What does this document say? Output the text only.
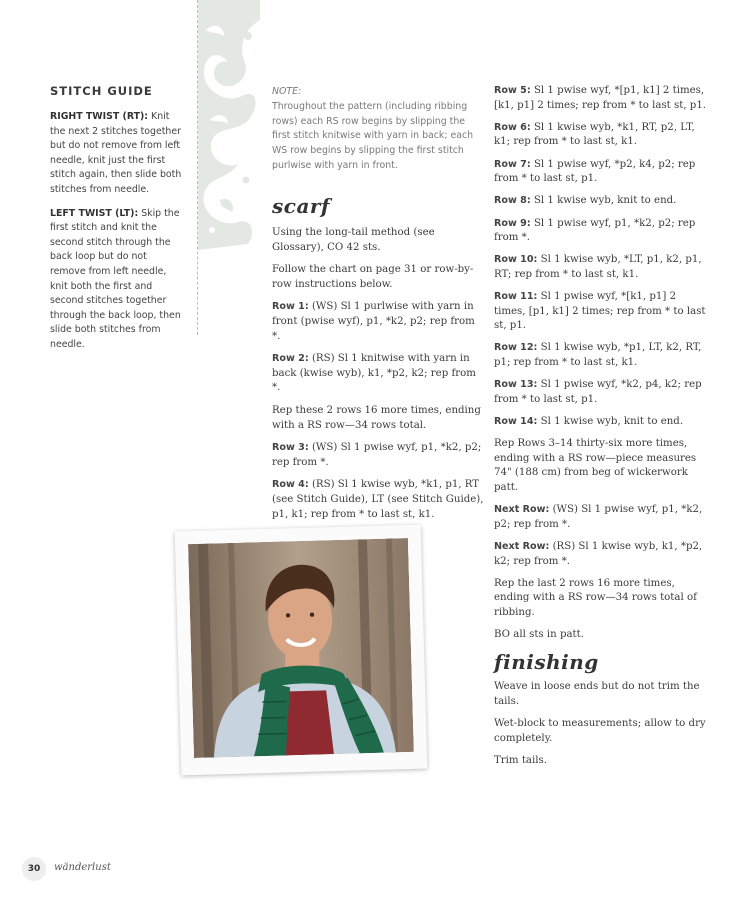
STITCH GUIDE

RIGHT TWIST (RT): Knit the next 2 stitches together but do not remove from left needle, knit just the first stitch again, then slide both stitches from needle.

LEFT TWIST (LT): Skip the first stitch and knit the second stitch through the back loop but do not remove from left needle, knit both the first and second stitches together through the back loop, then slide both stitches from needle.

NOTE:
Throughout the pattern (including ribbing rows) each RS row begins by slipping the first stitch knitwise with yarn in back; each WS row begins by slipping the first stitch purlwise with yarn in front.
scarf

Using the long-tail method (see Glossary), CO 42 sts.

Follow the chart on page 31 or row-by-row instructions below.

Row 1: (WS) Sl 1 purlwise with yarn in front (pwise wyf), p1, *k2, p2; rep from *.

Row 2: (RS) Sl 1 knitwise with yarn in back (kwise wyb), k1, *p2, k2; rep from *.

Rep these 2 rows 16 more times, ending with a RS row—34 rows total.

Row 3: (WS) Sl 1 pwise wyf, p1, *k2, p2; rep from *.

Row 4: (RS) Sl 1 kwise wyb, *k1, p1, RT (see Stitch Guide), LT (see Stitch Guide), p1, k1; rep from * to last st, k1.

Row 5: Sl 1 pwise wyf, *[p1, k1] 2 times, [k1, p1] 2 times; rep from * to last st, p1.

Row 6: Sl 1 kwise wyb, *k1, RT, p2, LT, k1; rep from * to last st, k1.

Row 7: Sl 1 pwise wyf, *p2, k4, p2; rep from * to last st, p1.

Row 8: Sl 1 kwise wyb, knit to end.

Row 9: Sl 1 pwise wyf, p1, *k2, p2; rep from *.

Row 10: Sl 1 kwise wyb, *LT, p1, k2, p1, RT; rep from * to last st, k1.

Row 11: Sl 1 pwise wyf, *[k1, p1] 2 times, [p1, k1] 2 times; rep from * to last st, p1.

Row 12: Sl 1 kwise wyb, *p1, LT, k2, RT, p1; rep from * to last st, k1.

Row 13: Sl 1 pwise wyf, *k2, p4, k2; rep from * to last st, p1.

Row 14: Sl 1 kwise wyb, knit to end.

Rep Rows 3–14 thirty-six more times, ending with a RS row—piece measures 74" (188 cm) from beg of wickerwork patt.

Next Row: (WS) Sl 1 pwise wyf, p1, *k2, p2; rep from *.

Next Row: (RS) Sl 1 kwise wyb, k1, *p2, k2; rep from *.

Rep the last 2 rows 16 more times, ending with a RS row—34 rows total of ribbing.

BO all sts in patt.

finishing

Weave in loose ends but do not trim the tails.

Wet-block to measurements; allow to dry completely.

Trim tails.

30	wänderlust
